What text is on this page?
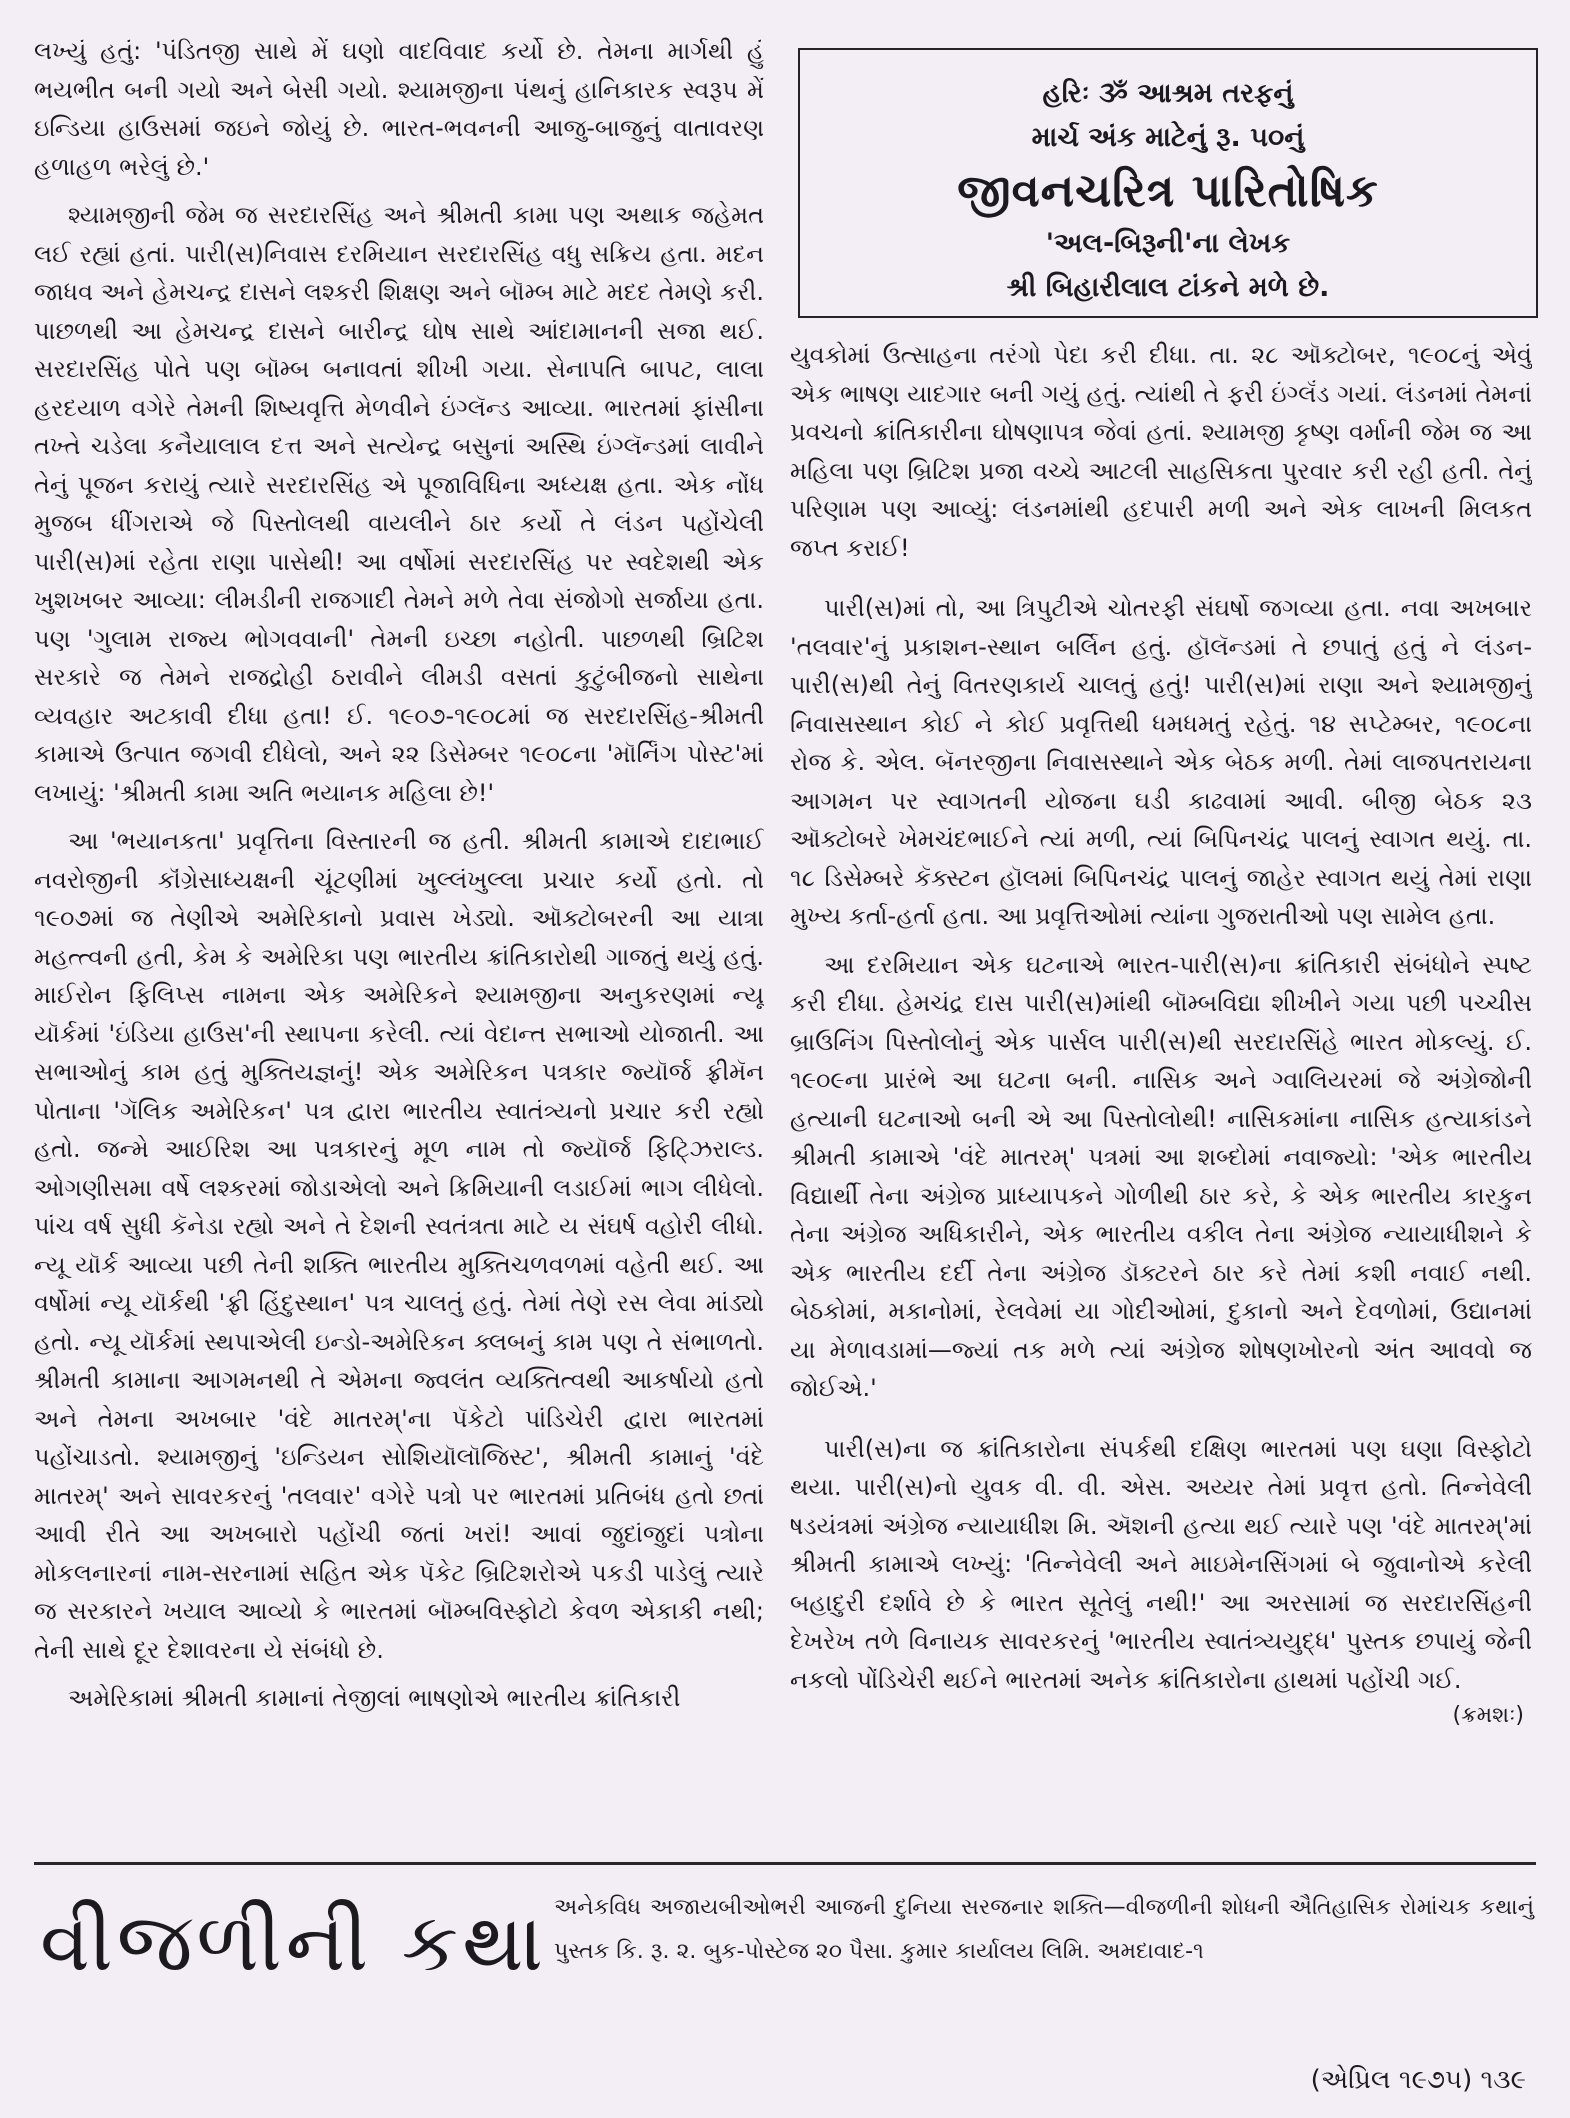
લખ્યું હતું: 'પંડિતજી સાથે મેં ઘણો વાદવિવાદ કર્યો છે. તેમના માર્ગથી હું ભયભીત બની ગયો અને બેસી ગયો. શ્યામજીના પંથનું હાનિકારક સ્વરૂપ મેં ઇન્ડિયા હાઉસમાં જઇને જોયું છે. ભારત-ભવનની આજુ-બાજુનું વાતાવરણ હળાહળ ભરેલું છે.'

શ્યામજીની જેમ જ સરદારસિંહ અને શ્રીમતી કામા પણ અથાક જહેમત લઈ રહ્યાં હતાં. પારી(સ)નિવાસ દરમિયાન સરદારસિંહ વધુ સક્રિય હતા. મદન જાધવ અને હેમચન્દ્ર દાસને લશ્કરી શિક્ષણ અને બૉમ્બ માટે મદદ તેમણે કરી. પાછળથી આ હેમચન્દ્ર દાસને બારીન્દ્ર ઘોષ સાથે આંદામાનની સજા થઈ. સરદારસિંહ પોતે પણ બૉમ્બ બનાવતાં શીખી ગયા. સેનાપતિ બાપટ, લાલા હરદયાળ વગેરે તેમની શિષ્યવૃત્તિ મેળવીને ઇંગ્લૅન્ડ આવ્યા. ભારતમાં ફાંસીના તખ્તે ચડેલા કનૈયાલાલ દત્ત અને સત્યેન્દ્ર બસુનાં અસ્થિ ઇંગ્લૅન્ડમાં લાવીને તેનું પૂજન કરાયું ત્યારે સરદારસિંહ એ પૂજાવિધિના અધ્યક્ષ હતા. એક નોંધ મુજબ ધીંગરાએ જે પિસ્તોલથી વાયલીને ઠાર કર્યો તે લંડન પહોંચેલી પારી(સ)માં રહેતા રાણા પાસેથી! આ વર્ષોમાં સરદારસિંહ પર સ્વદેશથી એક ખુશખબર આવ્યા: લીમડીની રાજગાદી તેમને મળે તેવા સંજોગો સર્જાયા હતા. પણ 'ગુલામ રાજ્ય ભોગવવાની' તેમની ઇચ્છા નહોતી. પાછળથી બ્રિટિશ સરકારે જ તેમને રાજદ્રોહી ઠરાવીને લીમડી વસતાં કુટુંબીજનો સાથેના વ્યવહાર અટકાવી દીધા હતા! ઈ. ૧૯૦૭-૧૯૦૮માં જ સરદારસિંહ-શ્રીમતી કામાએ ઉત્પાત જગવી દીધેલો, અને ૨૨ ડિસેમ્બર ૧૯૦૮ના 'મૉર્નિંગ પોસ્ટ'માં લખાયું: 'શ્રીમતી કામા અતિ ભયાનક મહિલા છે!'

આ 'ભયાનકતા' પ્રવૃત્તિના વિસ્તારની જ હતી. શ્રીમતી કામાએ દાદાભાઈ નવરોજીની કૉંગ્રેસાધ્યક્ષની ચૂંટણીમાં ખુલ્લંખુલ્લા પ્રચાર કર્યો હતો. તો ૧૯૦૭માં જ તેણીએ અમેરિકાનો પ્રવાસ ખેડ્યો. ઑક્ટોબરની આ યાત્રા મહત્ત્વની હતી, કેમ કે અમેરિકા પણ ભારતીય ક્રાંતિકારોથી ગાજતું થયું હતું. માઈરોન ફિલિપ્સ નામના એક અમેરિકને શ્યામજીના અનુકરણમાં ન્યૂ યૉર્કમાં 'ઇંડિયા હાઉસ'ની સ્થાપના કરેલી. ત્યાં વેદાન્ત સભાઓ યોજાતી. આ સભાઓનું કામ હતું મુક્તિયજ્ઞનું! એક અમેરિકન પત્રકાર જ્યૉર્જ ફ્રીમૅન પોતાના 'ગૅલિક અમેરિકન' પત્ર દ્વારા ભારતીય સ્વાતંત્ર્યનો પ્રચાર કરી રહ્યો હતો. જન્મે આઈરિશ આ પત્રકારનું મૂળ નામ તો જ્યૉર્જ ફિટ્ઝિરાલ્ડ. ઓગણીસમા વર્ષે લશ્કરમાં જોડાએલો અને ક્રિમિયાની લડાઈમાં ભાગ લીધેલો. પાંચ વર્ષ સુધી કૅનેડા રહ્યો અને તે દેશની સ્વતંત્રતા માટે ય સંઘર્ષ વહોરી લીધો. ન્યૂ યૉર્ક આવ્યા પછી તેની શક્તિ ભારતીય મુક્તિચળવળમાં વહેતી થઈ. આ વર્ષોમાં ન્યૂ યૉર્કથી 'ફ્રી હિંદુસ્થાન' પત્ર ચાલતું હતું. તેમાં તેણે રસ લેવા માંડ્યો હતો. ન્યૂ યૉર્કમાં સ્થપાએલી ઇન્ડો-અમેરિકન ક્લબનું કામ પણ તે સંભાળતો. શ્રીમતી કામાના આગમનથી તે એમના જ્વલંત વ્યક્તિત્વથી આકર્ષાયો હતો અને તેમના અખબાર 'વંદે માતરમ્'ના પૅકેટો પાંડિચેરી દ્વારા ભારતમાં પહોંચાડતો. શ્યામજીનું 'ઇન્ડિયન સોશિયૉલૉજિસ્ટ', શ્રીમતી કામાનું 'વંદે માતરમ્' અને સાવરકરનું 'તલવાર' વગેરે પત્રો પર ભારતમાં પ્રતિબંધ હતો છતાં આવી રીતે આ અખબારો પહોંચી જતાં ખરાં! આવાં જુદાંજુદાં પત્રોના મોકલનારનાં નામ-સરનામાં સહિત એક પૅકેટ બ્રિટિશરોએ પકડી પાડેલું ત્યારે જ સરકારને ખયાલ આવ્યો કે ભારતમાં બૉમ્બવિસ્ફોટો કેવળ એકાકી નથી; તેની સાથે દૂર દેશાવરના યે સંબંધો છે.

અમેરિકામાં શ્રીમતી કામાનાં તેજીલાં ભાષણોએ ભારતીય ક્રાંતિકારી

હરિઃ ૐ આશ્રમ તરફનું
માર્ચ અંક માટેનું રૂ. ૫૦નું
જીવનચરિત્ર પારિતોષિક
'અલ-બિરૂની'ના લેખક
શ્રી બિહારીલાલ ટાંકને મળે છે.

યુવકોમાં ઉત્સાહના તરંગો પેદા કરી દીધા. તા. ૨૮ ઑક્ટોબર, ૧૯૦૮નું એવું એક ભાષણ યાદગાર બની ગયું હતું. ત્યાંથી તે ફરી ઇંગ્લૅંડ ગયાં. લંડનમાં તેમનાં પ્રવચનો ક્રાંતિકારીના ઘોષણાપત્ર જેવાં હતાં. શ્યામજી કૃષ્ણ વર્માની જેમ જ આ મહિલા પણ બ્રિટિશ પ્રજા વચ્ચે આટલી સાહસિકતા પુરવાર કરી રહી હતી. તેનું પરિણામ પણ આવ્યું: લંડનમાંથી હદપારી મળી અને એક લાખની મિલકત જપ્ત કરાઈ!

પારી(સ)માં તો, આ ત્રિપુટીએ ચોતરફી સંઘર્ષો જગવ્યા હતા. નવા અખબાર 'તલવાર'નું પ્રકાશન-સ્થાન બર્લિન હતું. હૉલૅન્ડમાં તે છપાતું હતું ને લંડન-પારી(સ)થી તેનું વિતરણકાર્ય ચાલતું હતું! પારી(સ)માં રાણા અને શ્યામજીનું નિવાસસ્થાન કોઈ ને કોઈ પ્રવૃત્તિથી ધમધમતું રહેતું. ૧૪ સપ્ટેમ્બર, ૧૯૦૮ના રોજ કે. એલ. બૅનરજીના નિવાસસ્થાને એક બેઠક મળી. તેમાં લાજપતરાયના આગમન પર સ્વાગતની યોજના ઘડી કાઢવામાં આવી. બીજી બેઠક ૨૩ ઑક્ટોબરે ખેમચંદભાઈને ત્યાં મળી, ત્યાં બિપિનચંદ્ર પાલનું સ્વાગત થયું. તા. ૧૮ ડિસેમ્બરે કૅક્સ્ટન હૉલમાં બિપિનચંદ્ર પાલનું જાહેર સ્વાગત થયું તેમાં રાણા મુખ્ય કર્તા-હર્તા હતા. આ પ્રવૃત્તિઓમાં ત્યાંના ગુજરાતીઓ પણ સામેલ હતા.

આ દરમિયાન એક ઘટનાએ ભારત-પારી(સ)ના ક્રાંતિકારી સંબંધોને સ્પષ્ટ કરી દીધા. હેમચંદ્ર દાસ પારી(સ)માંથી બૉમ્બવિદ્યા શીખીને ગયા પછી પચ્ચીસ બ્રાઉનિંગ પિસ્તોલોનું એક પાર્સલ પારી(સ)થી સરદારસિંહે ભારત મોકલ્યું. ઈ. ૧૯૦૯ના પ્રારંભે આ ઘટના બની. નાસિક અને ગ્વાલિયરમાં જે અંગ્રેજોની હત્યાની ઘટનાઓ બની એ આ પિસ્તોલોથી! નાસિકમાંના નાસિક હત્યાકાંડને શ્રીમતી કામાએ 'વંદે માતરમ્' પત્રમાં આ શબ્દોમાં નવાજ્યો: 'એક ભારતીય વિદ્યાર્થી તેના અંગ્રેજ પ્રાધ્યાપકને ગોળીથી ઠાર કરે, કે એક ભારતીય કારકુન તેના અંગ્રેજ અધિકારીને, એક ભારતીય વકીલ તેના અંગ્રેજ ન્યાયાધીશને કે એક ભારતીય દર્દી તેના અંગ્રેજ ડૉક્ટરને ઠાર કરે તેમાં કશી નવાઈ નથી. બેઠકોમાં, મકાનોમાં, રેલવેમાં યા ગોદીઓમાં, દુકાનો અને દેવળોમાં, ઉદ્યાનમાં યા મેળાવડામાં—જ્યાં તક મળે ત્યાં અંગ્રેજ શોષણખોરનો અંત આવવો જ જોઈએ.'

પારી(સ)ના જ ક્રાંતિકારોના સંપર્કથી દક્ષિણ ભારતમાં પણ ઘણા વિસ્ફોટો થયા. પારી(સ)નો યુવક વી. વી. એસ. અય્યર તેમાં પ્રવૃત્ત હતો. તિન્નેવેલી ષડયંત્રમાં અંગ્રેજ ન્યાયાધીશ મિ. ઍશની હત્યા થઈ ત્યારે પણ 'વંદે માતરમ્'માં શ્રીમતી કામાએ લખ્યું: 'તિન્નેવેલી અને માઇમેનસિંગમાં બે જુવાનોએ કરેલી બહાદુરી દર્શાવે છે કે ભારત સૂતેલું નથી!' આ અરસામાં જ સરદારસિંહની દેખરેખ તળે વિનાયક સાવરકરનું 'ભારતીય સ્વાતંત્ર્યયુદ્ધ' પુસ્તક છપાયું જેની નકલો પોંડિચેરી થઈને ભારતમાં અનેક ક્રાંતિકારોના હાથમાં પહોંચી ગઈ.

(ક્રમશઃ)
વીજળીની કથા અનેકવિધ અજાયબીઓભરી આજની દુનિયા સરજનાર શક્તિ—વીજળીની શોધની ઐતિહાસિક રોમાંચક કથાનું પુસ્તક કિ. રૂ. ૨. બુક-પોસ્ટેજ ૨૦ પૈસા. કુમાર કાર્યાલય લિમિ. અમદાવાદ-૧
(એપ્રિલ ૧૯૭૫) ૧૩૯
